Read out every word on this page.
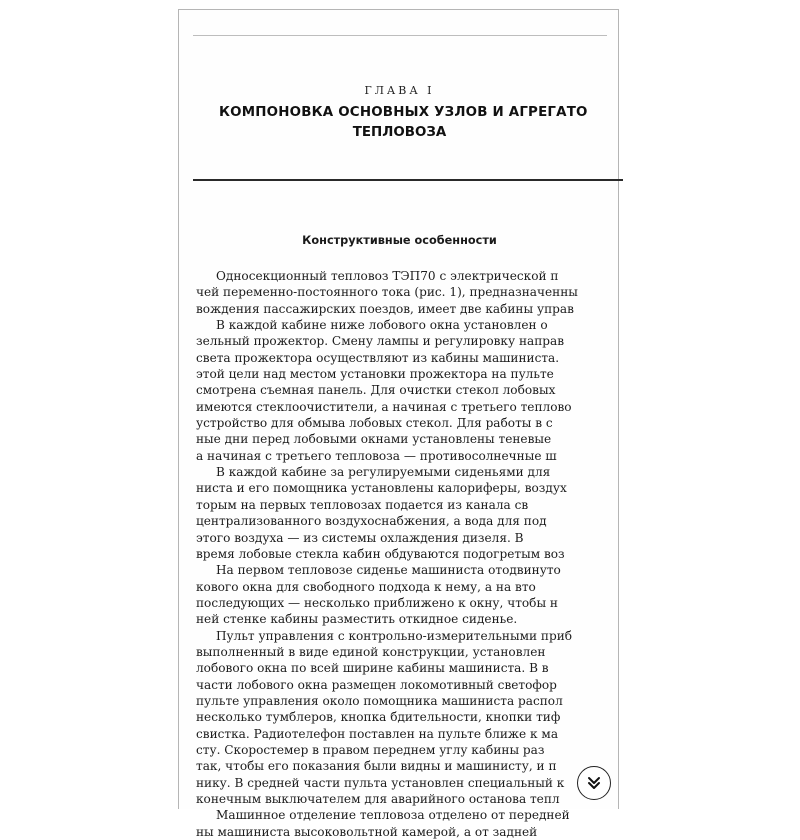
ГЛАВА I
КОМПОНОВКА ОСНОВНЫХ УЗЛОВ И АГРЕГАТО
ТЕПЛОВОЗА
Конструктивные особенности
Односекционный тепловоз ТЭП70 с электрической п
чей переменно-постоянного тока (рис. 1), предназначенны
вождения пассажирских поездов, имеет две кабины управ
В каждой кабине ниже лобового окна установлен о
зельный прожектор. Смену лампы и регулировку направ
света прожектора осуществляют из кабины машиниста.
этой цели над местом установки прожектора на пульте
смотрена съемная панель. Для очистки стекол лобовых
имеются стеклоочистители, а начиная с третьего теплово
устройство для обмыва лобовых стекол. Для работы в с
ные дни перед лобовыми окнами установлены теневые
а начиная с третьего тепловоза — противосолнечные ш
В каждой кабине за регулируемыми сиденьями для
ниста и его помощника установлены калориферы, воздух
торым на первых тепловозах подается из канала св
централизованного воздухоснабжения, а вода для под
этого воздуха — из системы охлаждения дизеля. В
время лобовые стекла кабин обдуваются подогретым воз
На первом тепловозе сиденье машиниста отодвинуто
кового окна для свободного подхода к нему, а на вто
последующих — несколько приближено к окну, чтобы н
ней стенке кабины разместить откидное сиденье.
Пульт управления с контрольно-измерительными приб
выполненный в виде единой конструкции, установлен
лобового окна по всей ширине кабины машиниста. В в
части лобового окна размещен локомотивный светофор
пульте управления около помощника машиниста распол
несколько тумблеров, кнопка бдительности, кнопки тиф
свистка. Радиотелефон поставлен на пульте ближе к ма
сту. Скоростемер в правом переднем углу кабины раз
так, чтобы его показания были видны и машинисту, и п
нику. В средней части пульта установлен специальный к
конечным выключателем для аварийного останова тепл
Машинное отделение тепловоза отделено от передней
ны машиниста высоковольтной камерой, а от задней
